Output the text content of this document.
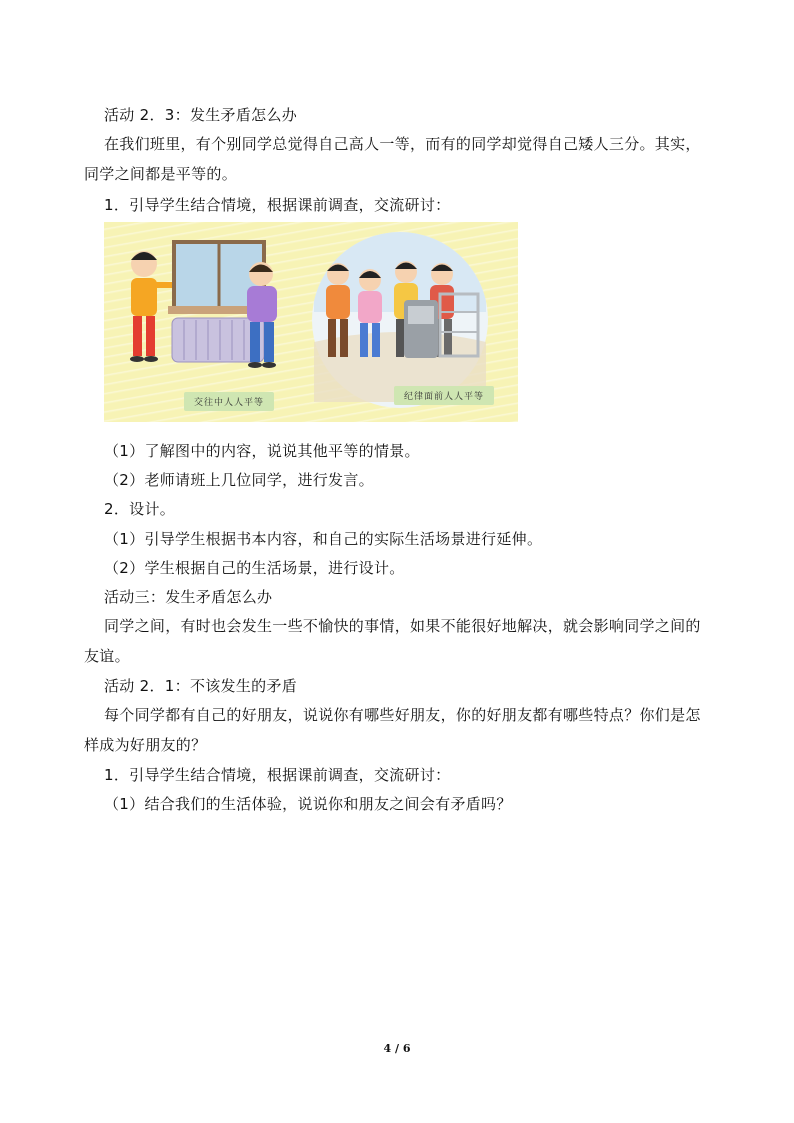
活动 2．3：发生矛盾怎么办
在我们班里，有个别同学总觉得自己高人一等，而有的同学却觉得自己矮人三分。其实，同学之间都是平等的。
1．引导学生结合情境，根据课前调查，交流研讨：
交往中人人平等
纪律面前人人平等
（1）了解图中的内容，说说其他平等的情景。
（2）老师请班上几位同学，进行发言。
2．设计。
（1）引导学生根据书本内容，和自己的实际生活场景进行延伸。
（2）学生根据自己的生活场景，进行设计。
活动三：发生矛盾怎么办
同学之间，有时也会发生一些不愉快的事情，如果不能很好地解决，就会影响同学之间的友谊。
活动 2．1：不该发生的矛盾
每个同学都有自己的好朋友，说说你有哪些好朋友，你的好朋友都有哪些特点？你们是怎样成为好朋友的？
1．引导学生结合情境，根据课前调查，交流研讨：
（1）结合我们的生活体验，说说你和朋友之间会有矛盾吗？
4 / 6
